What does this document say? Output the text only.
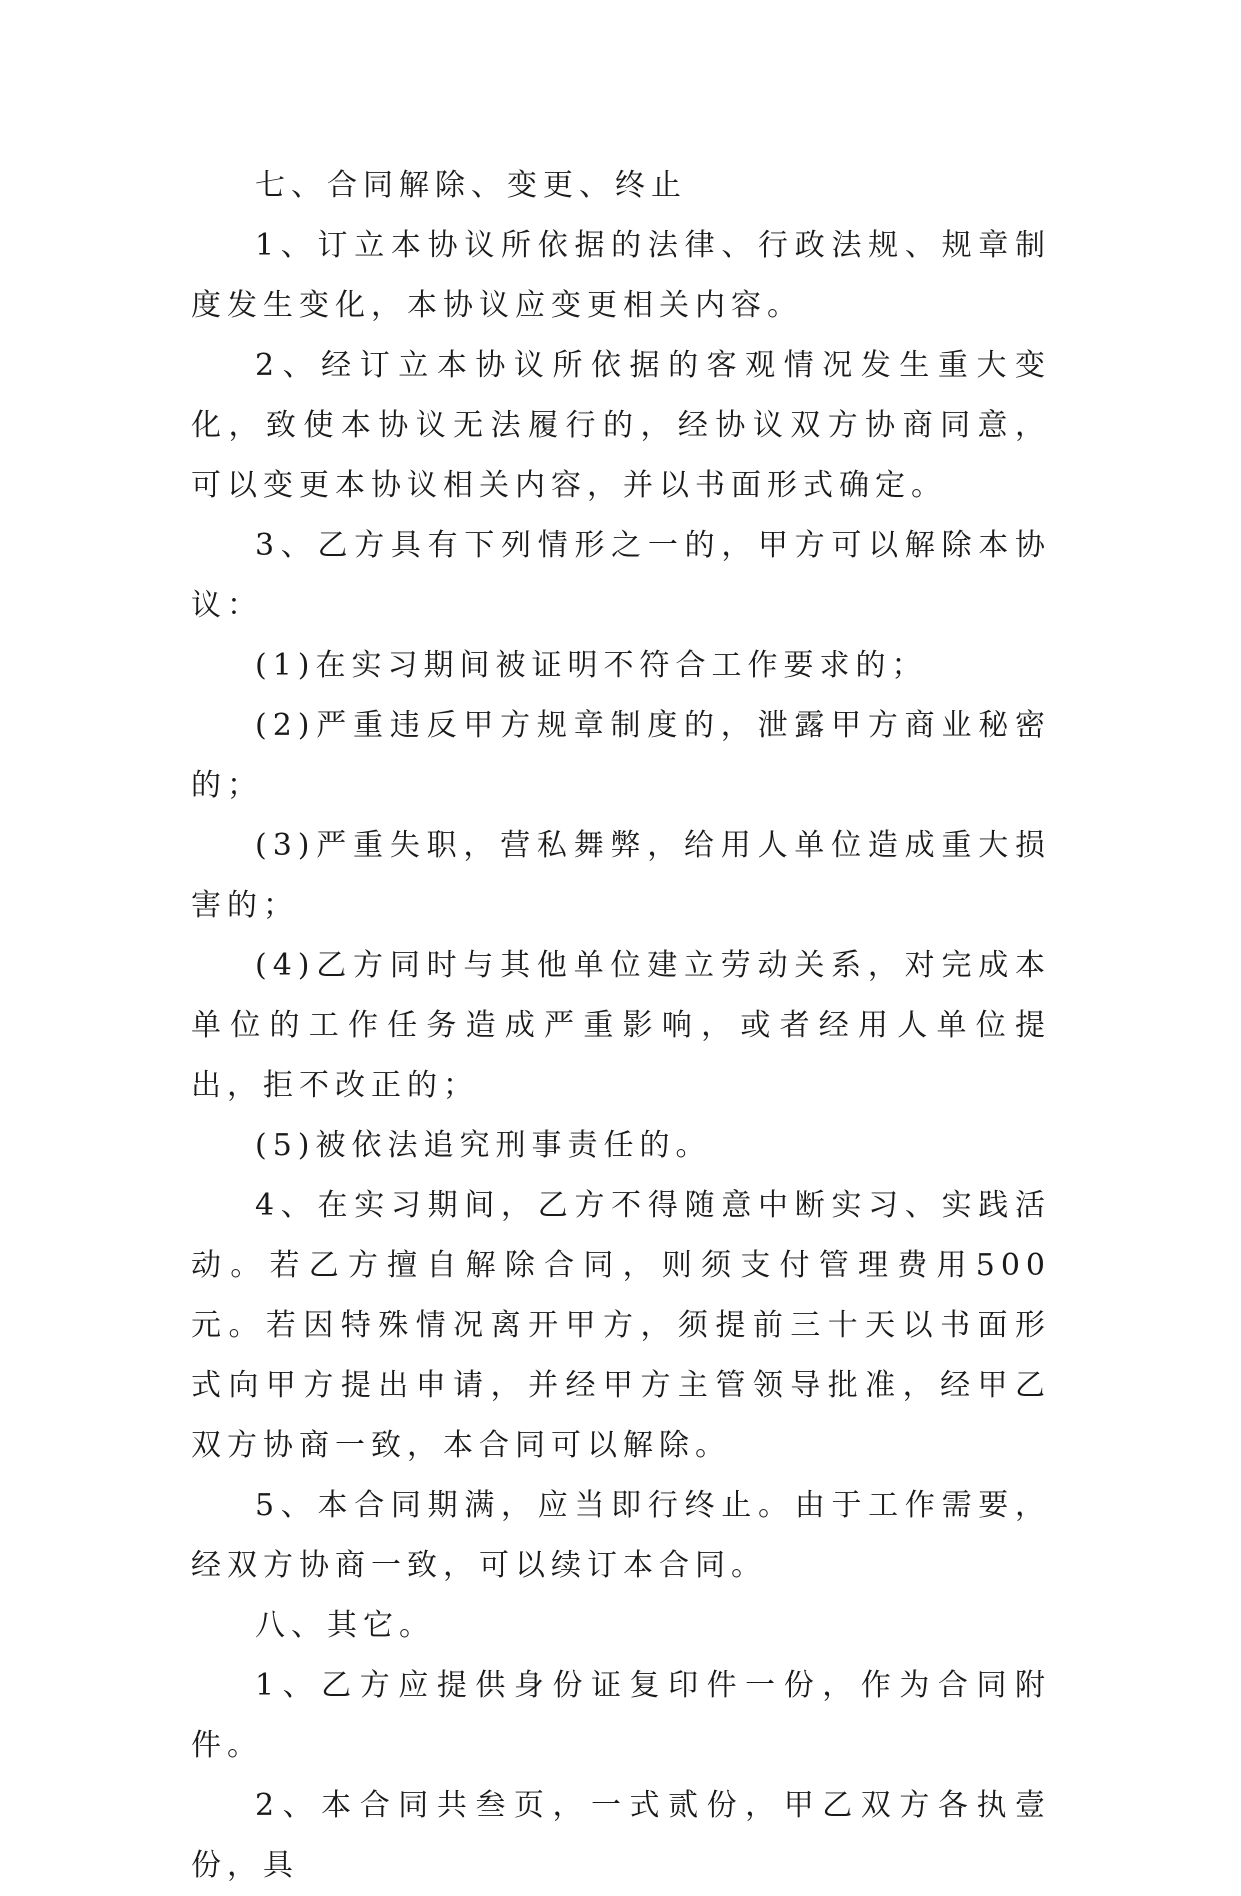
七、合同解除、变更、终止

1、订立本协议所依据的法律、行政法规、规章制度发生变化，本协议应变更相关内容。

2、经订立本协议所依据的客观情况发生重大变化，致使本协议无法履行的，经协议双方协商同意，可以变更本协议相关内容，并以书面形式确定。

3、乙方具有下列情形之一的，甲方可以解除本协议：

(1)在实习期间被证明不符合工作要求的；

(2)严重违反甲方规章制度的，泄露甲方商业秘密的；

(3)严重失职，营私舞弊，给用人单位造成重大损害的；

(4)乙方同时与其他单位建立劳动关系，对完成本单位的工作任务造成严重影响，或者经用人单位提出，拒不改正的；

(5)被依法追究刑事责任的。

4、在实习期间，乙方不得随意中断实习、实践活动。若乙方擅自解除合同，则须支付管理费用500元。若因特殊情况离开甲方，须提前三十天以书面形式向甲方提出申请，并经甲方主管领导批准，经甲乙双方协商一致，本合同可以解除。

5、本合同期满，应当即行终止。由于工作需要，经双方协商一致，可以续订本合同。

八、其它。

1、乙方应提供身份证复印件一份，作为合同附件。

2、本合同共叁页，一式贰份，甲乙双方各执壹份，具
